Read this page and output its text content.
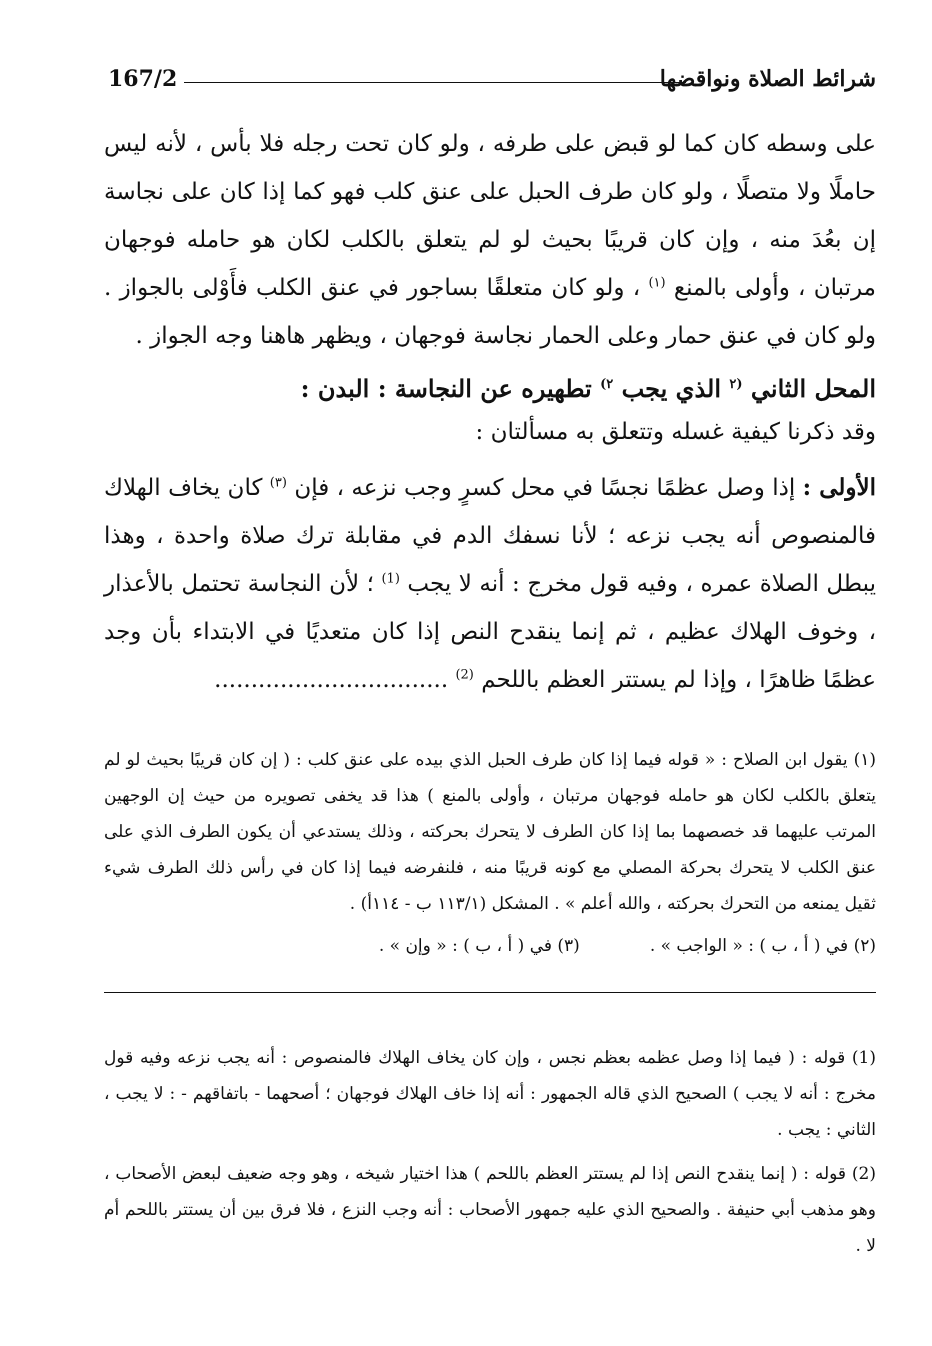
شرائط الصلاة ونواقضها
167/2

على وسطه كان كما لو قبض على طرفه ، ولو كان تحت رجله فلا بأس ، لأنه ليس حاملًا ولا متصلًا ، ولو كان طرف الحبل على عنق كلب فهو كما إذا كان على نجاسة إن بعُدَ منه ، وإن كان قريبًا بحيث لو لم يتعلق بالكلب لكان هو حامله فوجهان مرتبان ، وأولى بالمنع $^{(١)}$ ، ولو كان متعلقًا بساجور في عنق الكلب فأَوْلى بالجواز . ولو كان في عنق حمار وعلى الحمار نجاسة فوجهان ، ويظهر هاهنا وجه الجواز .

المحل الثاني $^{(٢}$ الذي يجب $^{٢)}$ تطهيره عن النجاسة : البدن :

وقد ذكرنا كيفية غسله وتتعلق به مسألتان :

الأولى : إذا وصل عظمًا نجسًا في محل كسرٍ وجب نزعه ، فإن $^{(٣)}$ كان يخاف الهلاك فالمنصوص أنه يجب نزعه ؛ لأنا نسفك الدم في مقابلة ترك صلاة واحدة ، وهذا يبطل الصلاة عمره ، وفيه قول مخرج : أنه لا يجب $^{(1)}$ ؛ لأن النجاسة تحتمل بالأعذار ، وخوف الهلاك عظيم ، ثم إنما ينقدح النص إذا كان متعديًا في الابتداء بأن وجد عظمًا ظاهرًا ، وإذا لم يستتر العظم باللحم $^{(2)}$ ................................

(١) يقول ابن الصلاح : « قوله فيما إذا كان طرف الحبل الذي بيده على عنق كلب : ( إن كان قريبًا بحيث لو لم يتعلق بالكلب لكان هو حامله فوجهان مرتبان ، وأولى بالمنع ) هذا قد يخفى تصويره من حيث إن الوجهين المرتب عليهما قد خصصهما بما إذا كان الطرف لا يتحرك بحركته ، وذلك يستدعي أن يكون الطرف الذي على عنق الكلب لا يتحرك بحركة المصلي مع كونه قريبًا منه ، فلنفرضه فيما إذا كان في رأس ذلك الطرف شيء ثقيل يمنعه من التحرك بحركته ، والله أعلم » . المشكل (١١٣/١ ب - ١١٤أ) .

(٢) في ( أ ، ب ) : « الواجب » .
(٣) في ( أ ، ب ) : « وإن » .

(1) قوله : ( فيما إذا وصل عظمه بعظم نجس ، وإن كان يخاف الهلاك فالمنصوص : أنه يجب نزعه وفيه قول مخرج : أنه لا يجب ) الصحيح الذي قاله الجمهور : أنه إذا خاف الهلاك فوجهان ؛ أصحهما - باتفاقهم - : لا يجب ، الثاني : يجب .

(2) قوله : ( إنما ينقدح النص إذا لم يستتر العظم باللحم ) هذا اختيار شيخه ، وهو وجه ضعيف لبعض الأصحاب ، وهو مذهب أبي حنيفة . والصحيح الذي عليه جمهور الأصحاب : أنه وجب النزع ، فلا فرق بين أن يستتر باللحم أم لا .
